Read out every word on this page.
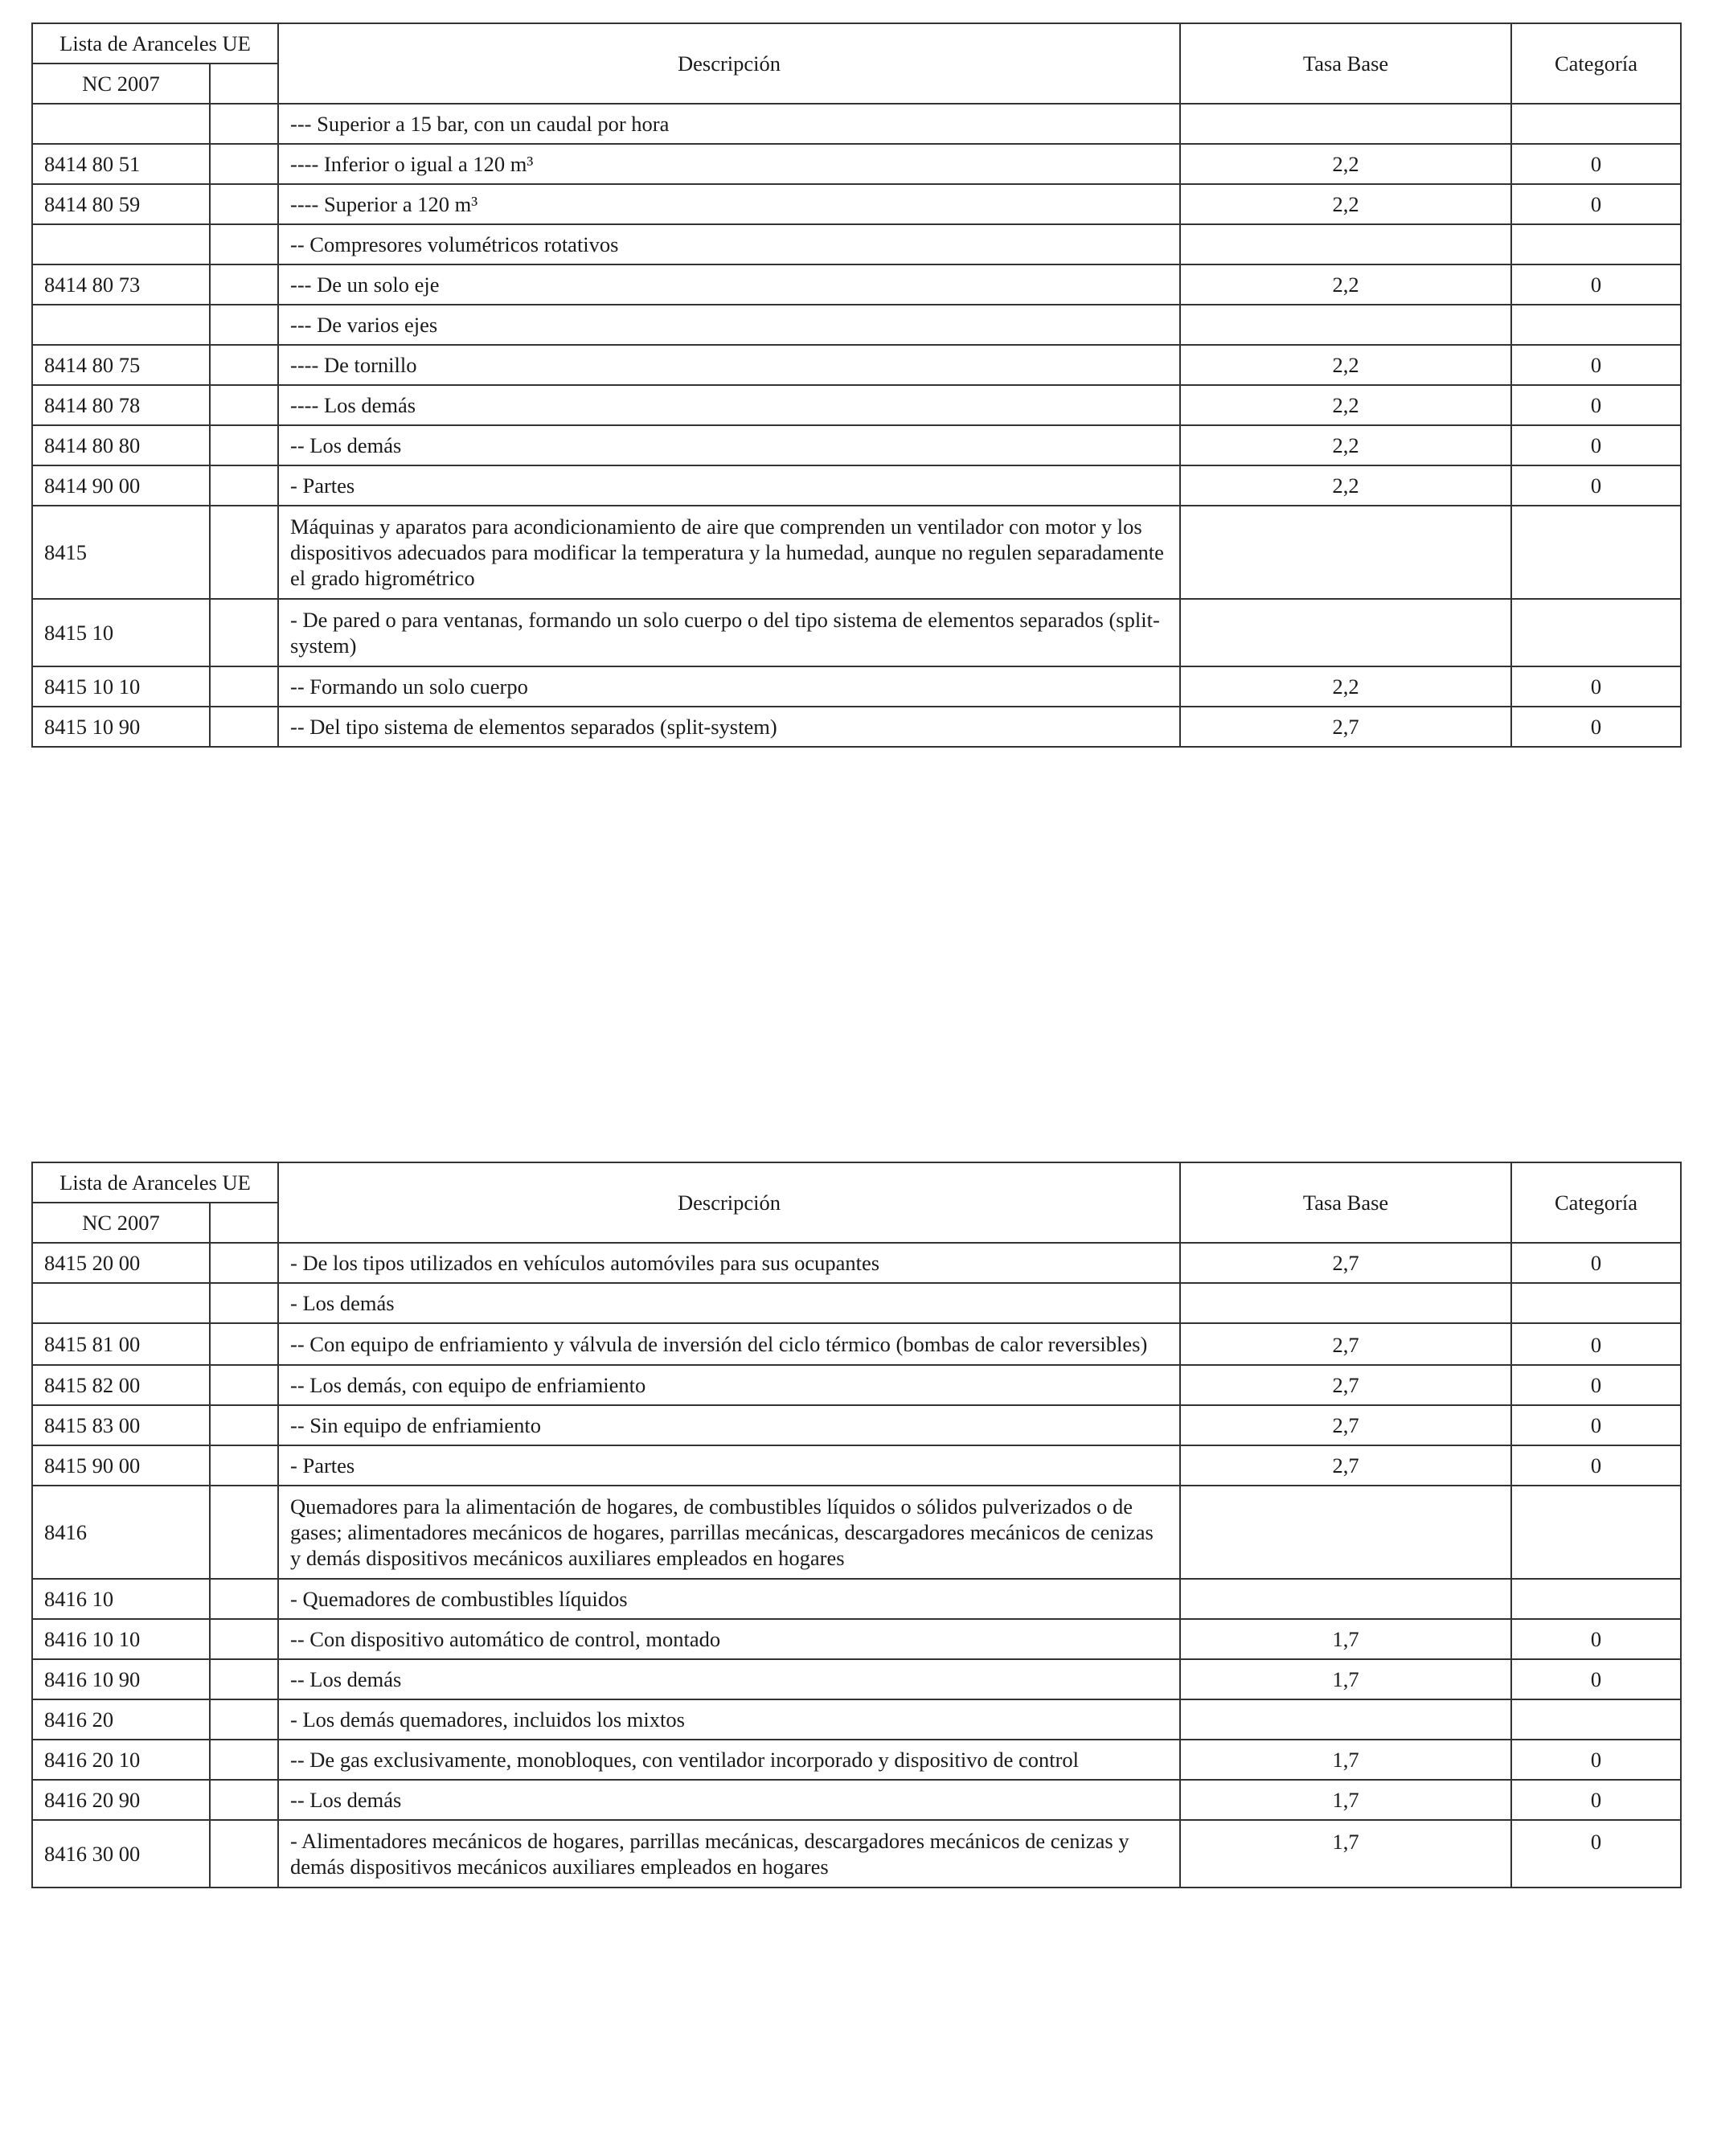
Lista de Aranceles UE		Descripción	Tasa Base	Categoría
NC 2007				
		--- Superior a 15 bar, con un caudal por hora		
8414 80 51		---- Inferior o igual a 120 m³	2,2	0
8414 80 59		---- Superior a 120 m³	2,2	0
		-- Compresores volumétricos rotativos		
8414 80 73		--- De un solo eje	2,2	0
		--- De varios ejes		
8414 80 75		---- De tornillo	2,2	0
8414 80 78		---- Los demás	2,2	0
8414 80 80		-- Los demás	2,2	0
8414 90 00		- Partes	2,2	0
8415		Máquinas y aparatos para acondicionamiento de aire que comprenden un ventilador con motor y los dispositivos adecuados para modificar la temperatura y la humedad, aunque no regulen separadamente el grado higrométrico		
8415 10		- De pared o para ventanas, formando un solo cuerpo o del tipo sistema de elementos separados (split-system)		
8415 10 10		-- Formando un solo cuerpo	2,2	0
8415 10 90		-- Del tipo sistema de elementos separados (split-system)	2,7	0
Lista de Aranceles UE		Descripción	Tasa Base	Categoría
NC 2007				
8415 20 00		- De los tipos utilizados en vehículos automóviles para sus ocupantes	2,7	0
		- Los demás		
8415 81 00		-- Con equipo de enfriamiento y válvula de inversión del ciclo térmico (bombas de calor reversibles)	2,7	0
8415 82 00		-- Los demás, con equipo de enfriamiento	2,7	0
8415 83 00		-- Sin equipo de enfriamiento	2,7	0
8415 90 00		- Partes	2,7	0
8416		Quemadores para la alimentación de hogares, de combustibles líquidos o sólidos pulverizados o de gases; alimentadores mecánicos de hogares, parrillas mecánicas, descargadores mecánicos de cenizas y demás dispositivos mecánicos auxiliares empleados en hogares		
8416 10		- Quemadores de combustibles líquidos		
8416 10 10		-- Con dispositivo automático de control, montado	1,7	0
8416 10 90		-- Los demás	1,7	0
8416 20		- Los demás quemadores, incluidos los mixtos		
8416 20 10		-- De gas exclusivamente, monobloques, con ventilador incorporado y dispositivo de control	1,7	0
8416 20 90		-- Los demás	1,7	0
8416 30 00		- Alimentadores mecánicos de hogares, parrillas mecánicas, descargadores mecánicos de cenizas y demás dispositivos mecánicos auxiliares empleados en hogares	1,7	0
